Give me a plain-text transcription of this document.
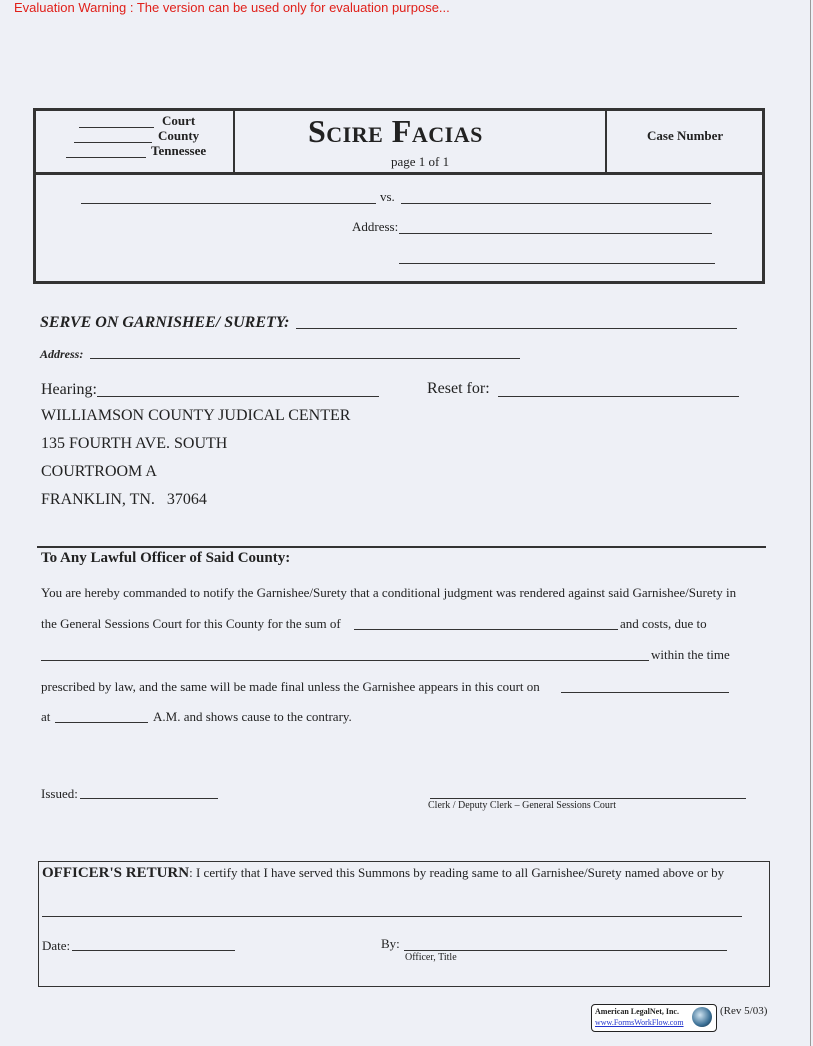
Evaluation Warning : The version can be used only for evaluation purpose...
Court
County
Tennessee
Scire Facias
page 1 of 1
Case Number
vs.
Address:
SERVE ON GARNISHEE/ SURETY:
Address:
Hearing:	Reset for:
WILLIAMSON COUNTY JUDICAL CENTER
135 FOURTH AVE. SOUTH
COURTROOM A
FRANKLIN, TN.   37064
To Any Lawful Officer of Said County:
You are hereby commanded to notify the Garnishee/Surety that a conditional judgment was rendered against said Garnishee/Surety in
the General Sessions Court for this County for the sum of	and costs, due to
within the time
prescribed by law, and the same will be made final unless the Garnishee appears in this court on
at	A.M. and shows cause to the contrary.
Issued:
Clerk / Deputy Clerk – General Sessions Court
OFFICER'S RETURN: I certify that I have served this Summons by reading same to all Garnishee/Surety named above or by
Date:	By:
Officer, Title
American LegalNet, Inc.
www.FormsWorkFlow.com
(Rev 5/03)
